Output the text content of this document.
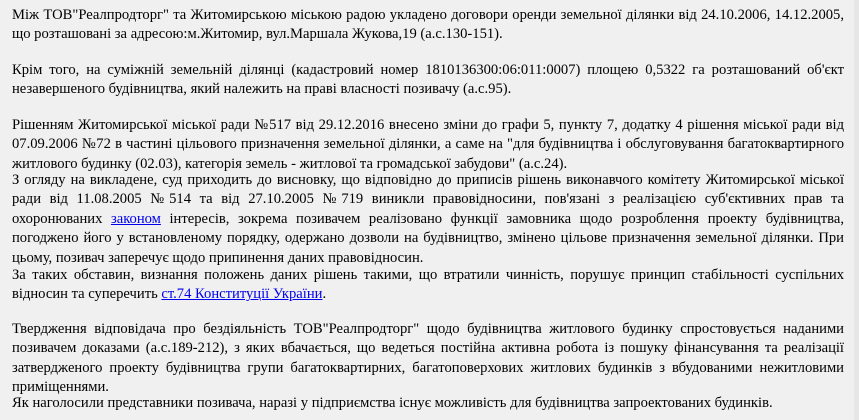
Між ТОВ"Реалпродторг" та Житомирською міською радою укладено договори оренди земельної ділянки від 24.10.2006, 14.12.2005, що розташовані за адресою:м.Житомир, вул.Маршала Жукова,19 (а.с.130-151).

Крім того, на суміжній земельній ділянці (кадастровий номер 1810136300:06:011:0007) площею 0,5322 га розташований об'єкт незавершеного будівництва, який належить на праві власності позивачу (а.с.95).

Рішенням Житомирської міської ради №517 від 29.12.2016 внесено зміни до графи 5, пункту 7, додатку 4 рішення міської ради від 07.09.2006 №72 в частині цільового призначення земельної ділянки, а саме на "для будівництва і обслуговування багатоквартирного житлового будинку (02.03), категорія земель - житлової та громадської забудови" (а.с.24).

З огляду на викладене, суд приходить до висновку, що відповідно до приписів рішень виконавчого комітету Житомирської міської ради від 11.08.2005 №514 та від 27.10.2005 №719 виникли правовідносини, пов'язані з реалізацією суб'єктивних прав та охоронюваних законом інтересів, зокрема позивачем реалізовано функції замовника щодо розроблення проекту будівництва, погоджено його у встановленому порядку, одержано дозволи на будівництво, змінено цільове призначення земельної ділянки. При цьому, позивач заперечує щодо припинення даних правовідносин.

За таких обставин, визнання положень даних рішень такими, що втратили чинність, порушує принцип стабільності суспільних відносин та суперечить ст.74 Конституції України.

Твердження відповідача про бездіяльність ТОВ"Реалпродторг" щодо будівництва житлового будинку спростовується наданими позивачем доказами (а.с.189-212), з яких вбачається, що ведеться постійна активна робота із пошуку фінансування та реалізації затвердженого проекту будівництва групи багатоквартирних, багатоповерхових житлових будинків з вбудованими нежитловими приміщеннями.

Як наголосили представники позивача, наразі у підприємства існує можливість для будівництва запроектованих будинків.
